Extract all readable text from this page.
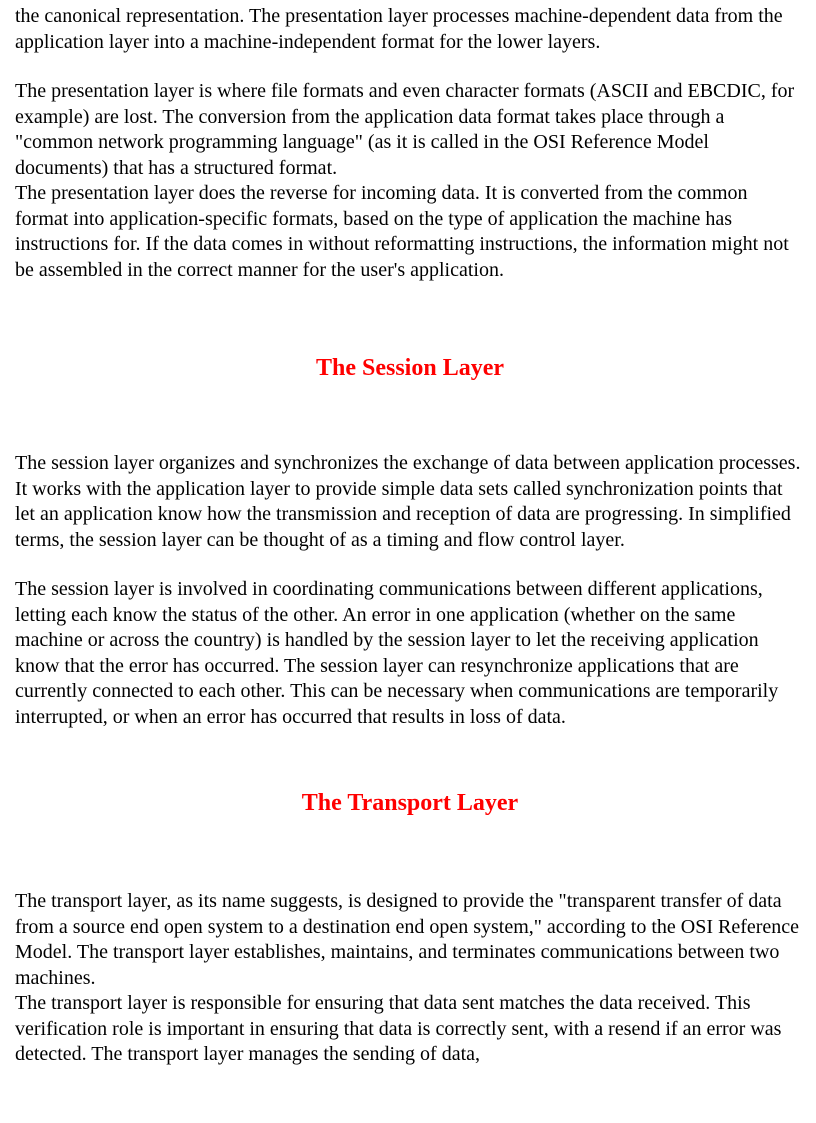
the canonical representation. The presentation layer processes machine-dependent data from the application layer into a machine-independent format for the lower layers.

The presentation layer is where file formats and even character formats (ASCII and EBCDIC, for example) are lost. The conversion from the application data format takes place through a "common network programming language" (as it is called in the OSI Reference Model documents) that has a structured format.

The presentation layer does the reverse for incoming data. It is converted from the common format into application-specific formats, based on the type of application the machine has instructions for. If the data comes in without reformatting instructions, the information might not be assembled in the correct manner for the user's application.

The Session Layer

The session layer organizes and synchronizes the exchange of data between application processes. It works with the application layer to provide simple data sets called synchronization points that let an application know how the transmission and reception of data are progressing. In simplified terms, the session layer can be thought of as a timing and flow control layer.

The session layer is involved in coordinating communications between different applications, letting each know the status of the other. An error in one application (whether on the same machine or across the country) is handled by the session layer to let the receiving application know that the error has occurred. The session layer can resynchronize applications that are currently connected to each other. This can be necessary when communications are temporarily interrupted, or when an error has occurred that results in loss of data.

The Transport Layer

The transport layer, as its name suggests, is designed to provide the "transparent transfer of data from a source end open system to a destination end open system," according to the OSI Reference Model. The transport layer establishes, maintains, and terminates communications between two machines.

The transport layer is responsible for ensuring that data sent matches the data received. This verification role is important in ensuring that data is correctly sent, with a resend if an error was detected. The transport layer manages the sending of data,
